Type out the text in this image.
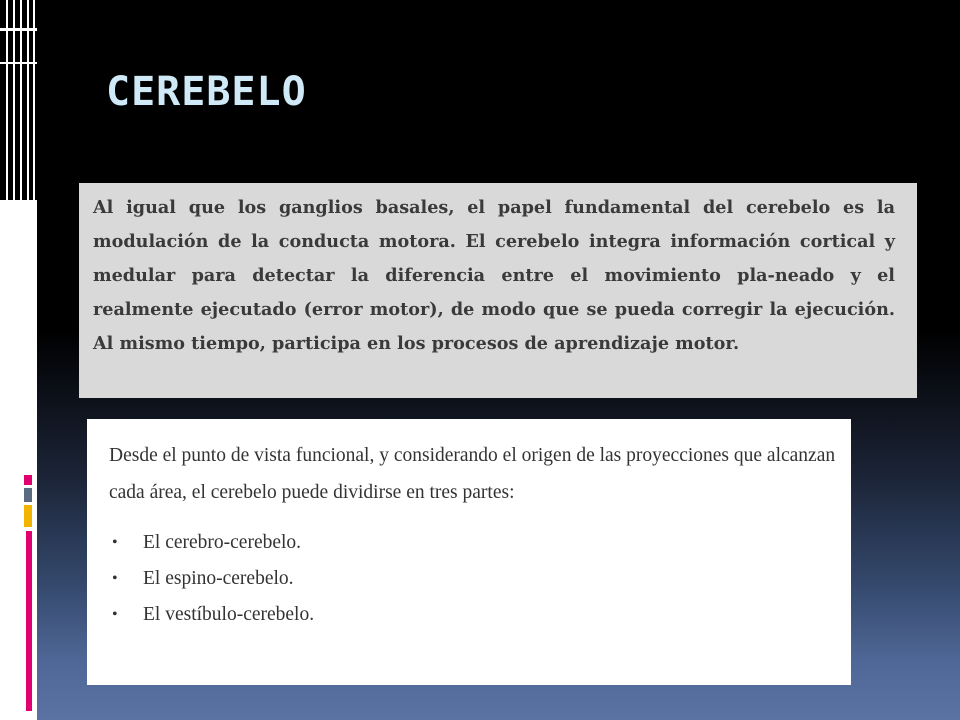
CEREBELO

Al igual que los ganglios basales, el papel fundamental del cerebelo es la modulación de la conducta motora. El cerebelo integra información cortical y medular para detectar la diferencia entre el movimiento pla-neado y el realmente ejecutado (error motor), de modo que se pueda corregir la ejecución. Al mismo tiempo, participa en los procesos de aprendizaje motor.

Desde el punto de vista funcional, y considerando el origen de las proyecciones que alcanzan cada área, el cerebelo puede dividirse en tres partes:

• El cerebro-cerebelo.
• El espino-cerebelo.
• El vestíbulo-cerebelo.
